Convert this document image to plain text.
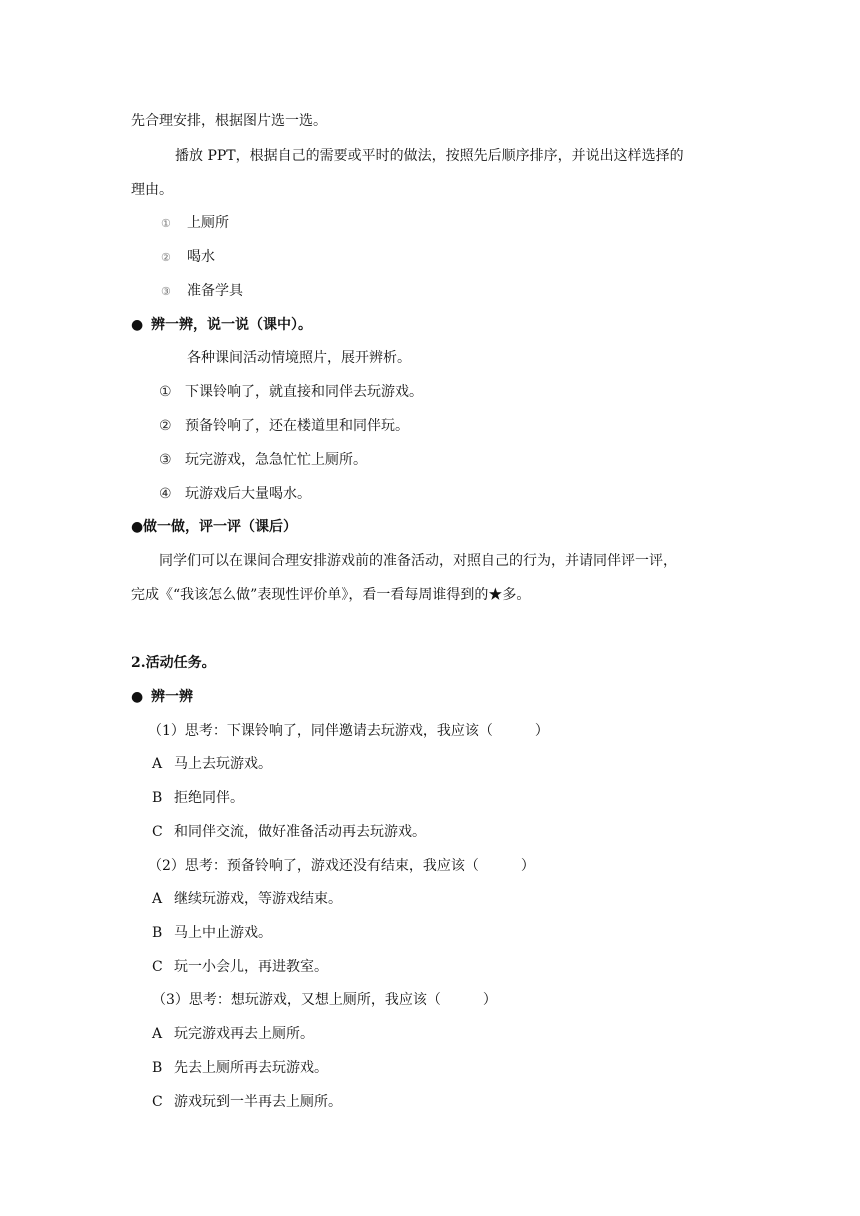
先合理安排，根据图片选一选。
播放 PPT，根据自己的需要或平时的做法，按照先后顺序排序，并说出这样选择的
理由。
① 上厕所
② 喝水
③ 准备学具
● 辨一辨，说一说（课中）。
各种课间活动情境照片，展开辨析。
① 下课铃响了，就直接和同伴去玩游戏。
② 预备铃响了，还在楼道里和同伴玩。
③ 玩完游戏，急急忙忙上厕所。
④ 玩游戏后大量喝水。
●做一做，评一评（课后）
同学们可以在课间合理安排游戏前的准备活动，对照自己的行为，并请同伴评一评，
完成《“我该怎么做”表现性评价单》，看一看每周谁得到的★多。
2.活动任务。
● 辨一辨
（1）思考：下课铃响了，同伴邀请去玩游戏，我应该（　　　）
A 马上去玩游戏。
B 拒绝同伴。
C 和同伴交流，做好准备活动再去玩游戏。
（2）思考：预备铃响了，游戏还没有结束，我应该（　　　）
A 继续玩游戏，等游戏结束。
B 马上中止游戏。
C 玩一小会儿，再进教室。
（3）思考：想玩游戏，又想上厕所，我应该（　　　）
A 玩完游戏再去上厕所。
B 先去上厕所再去玩游戏。
C 游戏玩到一半再去上厕所。
